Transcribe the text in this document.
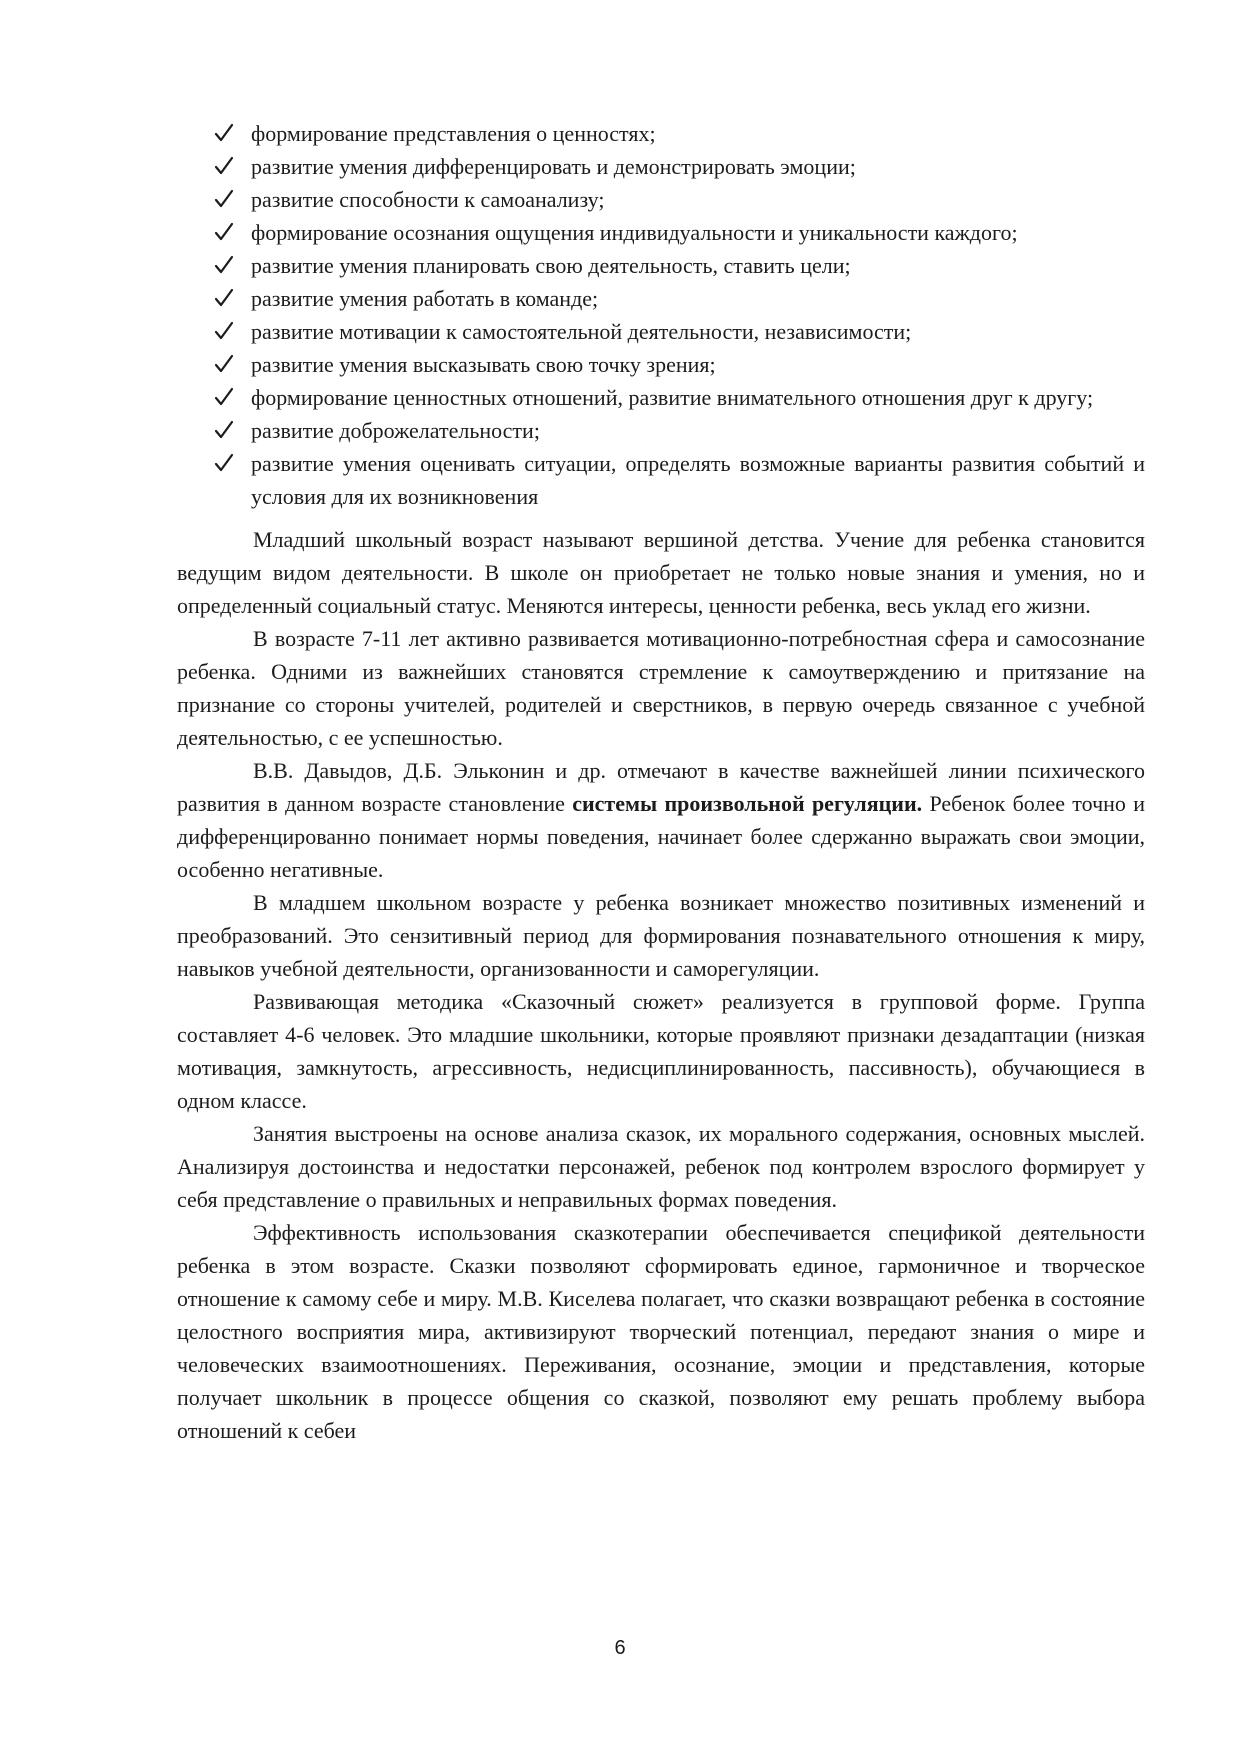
формирование представления о ценностях;
развитие умения дифференцировать и демонстрировать эмоции;
развитие способности к самоанализу;
формирование осознания ощущения индивидуальности и уникальности каждого;
развитие умения планировать свою деятельность, ставить цели;
развитие умения работать в команде;
развитие мотивации к самостоятельной деятельности, независимости;
развитие умения высказывать свою точку зрения;
формирование ценностных отношений, развитие внимательного отношения друг к другу;
развитие доброжелательности;
развитие умения оценивать ситуации, определять возможные варианты развития событий и условия для их возникновения

Младший школьный возраст называют вершиной детства. Учение для ребенка становится ведущим видом деятельности. В школе он приобретает не только новые знания и умения, но и определенный социальный статус. Меняются интересы, ценности ребенка, весь уклад его жизни.

В возрасте 7-11 лет активно развивается мотивационно-потребностная сфера и самосознание ребенка. Одними из важнейших становятся стремление к самоутверждению и притязание на признание со стороны учителей, родителей и сверстников, в первую очередь связанное с учебной деятельностью, с ее успешностью.

В.В. Давыдов, Д.Б. Эльконин и др. отмечают в качестве важнейшей линии психического развития в данном возрасте становление системы произвольной регуляции. Ребенок более точно и дифференцированно понимает нормы поведения, начинает более сдержанно выражать свои эмоции, особенно негативные.

В младшем школьном возрасте у ребенка возникает множество позитивных изменений и преобразований. Это сензитивный период для формирования познавательного отношения к миру, навыков учебной деятельности, организованности и саморегуляции.

Развивающая методика «Сказочный сюжет» реализуется в групповой форме. Группа составляет 4-6 человек. Это младшие школьники, которые проявляют признаки дезадаптации (низкая мотивация, замкнутость, агрессивность, недисциплинированность, пассивность), обучающиеся в одном классе.

Занятия выстроены на основе анализа сказок, их морального содержания, основных мыслей. Анализируя достоинства и недостатки персонажей, ребенок под контролем взрослого формирует у себя представление о правильных и неправильных формах поведения.

Эффективность использования сказкотерапии обеспечивается спецификой деятельности ребенка в этом возрасте. Сказки позволяют сформировать единое, гармоничное и творческое отношение к самому себе и миру. М.В. Киселева полагает, что сказки возвращают ребенка в состояние целостного восприятия мира, активизируют творческий потенциал, передают знания о мире и человеческих взаимоотношениях. Переживания, осознание, эмоции и представления, которые получает школьник в процессе общения со сказкой, позволяют ему решать проблему выбора отношений к себеи

6
